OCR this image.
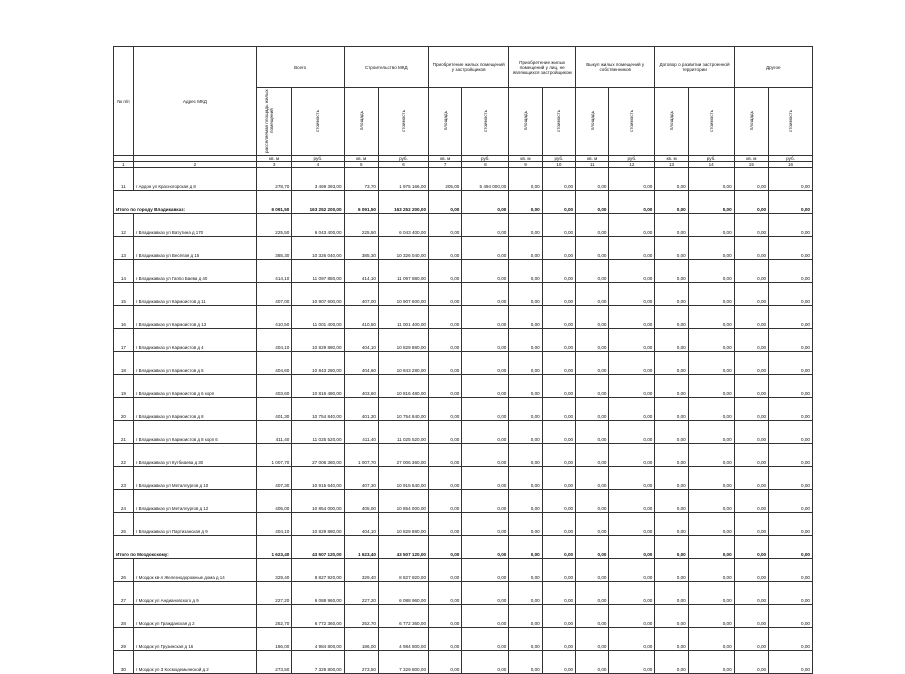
№ п/п	Адрес МКД	Всего		Строительство МКД		Приобретение жилых помещений у застройщиков		Приобретение жилых помещений у лиц, не являющихся застройщиком		Выкуп жилых помещений у собственников		Договор о развитии застроенной территории		Другое	
		расселяемая площадь жилых помещений	стоимость	площадь	стоимость	площадь	стоимость	площадь	стоимость	площадь	стоимость	площадь	стоимость	площадь	стоимость
		кв. м	руб.	кв. м	руб.	кв. м	руб.	кв. м	руб.	кв. м	руб.	кв. м	руб.	кв. м	руб.
1	2	3	4	5	6	7	8	9	10	11	12	13	14	15	16
11	г Ардон ул Красногорская д 8	278,70	3 469 393,00	73,70	1 975 166,00	205,00	5 494 000,00	0,00	0,00	0,00	0,00	0,00	0,00	0,00	0,00
Итого по городу Владикавказ:		6 091,50	163 252 200,00	6 091,50	163 252 200,00	0,00	0,00	0,00	0,00	0,00	0,00	0,00	0,00	0,00	0,00
12	г Владикавказ ул Ватутина д 170	225,50	6 043 400,00	225,50	6 043 400,00	0,00	0,00	0,00	0,00	0,00	0,00	0,00	0,00	0,00	0,00
13	г Владикавказ ул Весёлая д 15	385,30	10 326 040,00	385,30	10 326 040,00	0,00	0,00	0,00	0,00	0,00	0,00	0,00	0,00	0,00	0,00
14	г Владикавказ ул Гаппо Баева д 40	414,10	11 097 880,00	414,10	11 097 880,00	0,00	0,00	0,00	0,00	0,00	0,00	0,00	0,00	0,00	0,00
15	г Владикавказ ул Кармоистов д 11	407,00	10 907 600,00	407,00	10 907 600,00	0,00	0,00	0,00	0,00	0,00	0,00	0,00	0,00	0,00	0,00
16	г Владикавказ ул Кармоистов д 13	410,50	11 001 400,00	410,50	11 001 400,00	0,00	0,00	0,00	0,00	0,00	0,00	0,00	0,00	0,00	0,00
17	г Владикавказ ул Кармоистов д 4	404,10	10 829 880,00	404,10	10 829 880,00	0,00	0,00	0,00	0,00	0,00	0,00	0,00	0,00	0,00	0,00
18	г Владикавказ ул Кармоистов д 5	404,60	10 843 280,00	404,60	10 843 280,00	0,00	0,00	0,00	0,00	0,00	0,00	0,00	0,00	0,00	0,00
19	г Владикавказ ул Кармоистов д 6 корп	403,60	10 816 480,00	403,60	10 816 480,00	0,00	0,00	0,00	0,00	0,00	0,00	0,00	0,00	0,00	0,00
20	г Владикавказ ул Кармоистов д 8	401,30	10 754 840,00	401,30	10 754 840,00	0,00	0,00	0,00	0,00	0,00	0,00	0,00	0,00	0,00	0,00
21	г Владикавказ ул Кармоистов д 8 корп 6	411,40	11 025 520,00	411,40	11 025 520,00	0,00	0,00	0,00	0,00	0,00	0,00	0,00	0,00	0,00	0,00
22	г Владикавказ ул Кутбиаева д 30	1 007,70	27 006 360,00	1 007,70	27 006 360,00	0,00	0,00	0,00	0,00	0,00	0,00	0,00	0,00	0,00	0,00
23	г Владикавказ ул Металлургов д 10	407,30	10 915 640,00	407,30	10 915 640,00	0,00	0,00	0,00	0,00	0,00	0,00	0,00	0,00	0,00	0,00
24	г Владикавказ ул Металлургов д 12	405,00	10 854 000,00	405,00	10 854 000,00	0,00	0,00	0,00	0,00	0,00	0,00	0,00	0,00	0,00	0,00
25	г Владикавказ ул Партизанская д 9	404,10	10 829 880,00	404,10	10 829 880,00	0,00	0,00	0,00	0,00	0,00	0,00	0,00	0,00	0,00	0,00
Итого по Моздокскому:		1 623,40	43 507 120,00	1 623,40	43 507 120,00	0,00	0,00	0,00	0,00	0,00	0,00	0,00	0,00	0,00	0,00
26	г Моздок кв-л Железнодорожные дома д 14	329,40	8 827 920,00	329,40	8 827 920,00	0,00	0,00	0,00	0,00	0,00	0,00	0,00	0,00	0,00	0,00
27	г Моздок ул Андиановского д 9	227,20	6 088 960,00	227,20	6 088 960,00	0,00	0,00	0,00	0,00	0,00	0,00	0,00	0,00	0,00	0,00
28	г Моздок ул Гражданская д 2	252,70	6 772 360,00	252,70	6 772 360,00	0,00	0,00	0,00	0,00	0,00	0,00	0,00	0,00	0,00	0,00
29	г Моздок ул Грузинская д 16	186,00	4 984 800,00	186,00	4 984 800,00	0,00	0,00	0,00	0,00	0,00	0,00	0,00	0,00	0,00	0,00
30	г Моздок ул З Космодемьянской д 2	273,50	7 329 800,00	273,50	7 329 800,00	0,00	0,00	0,00	0,00	0,00	0,00	0,00	0,00	0,00	0,00
